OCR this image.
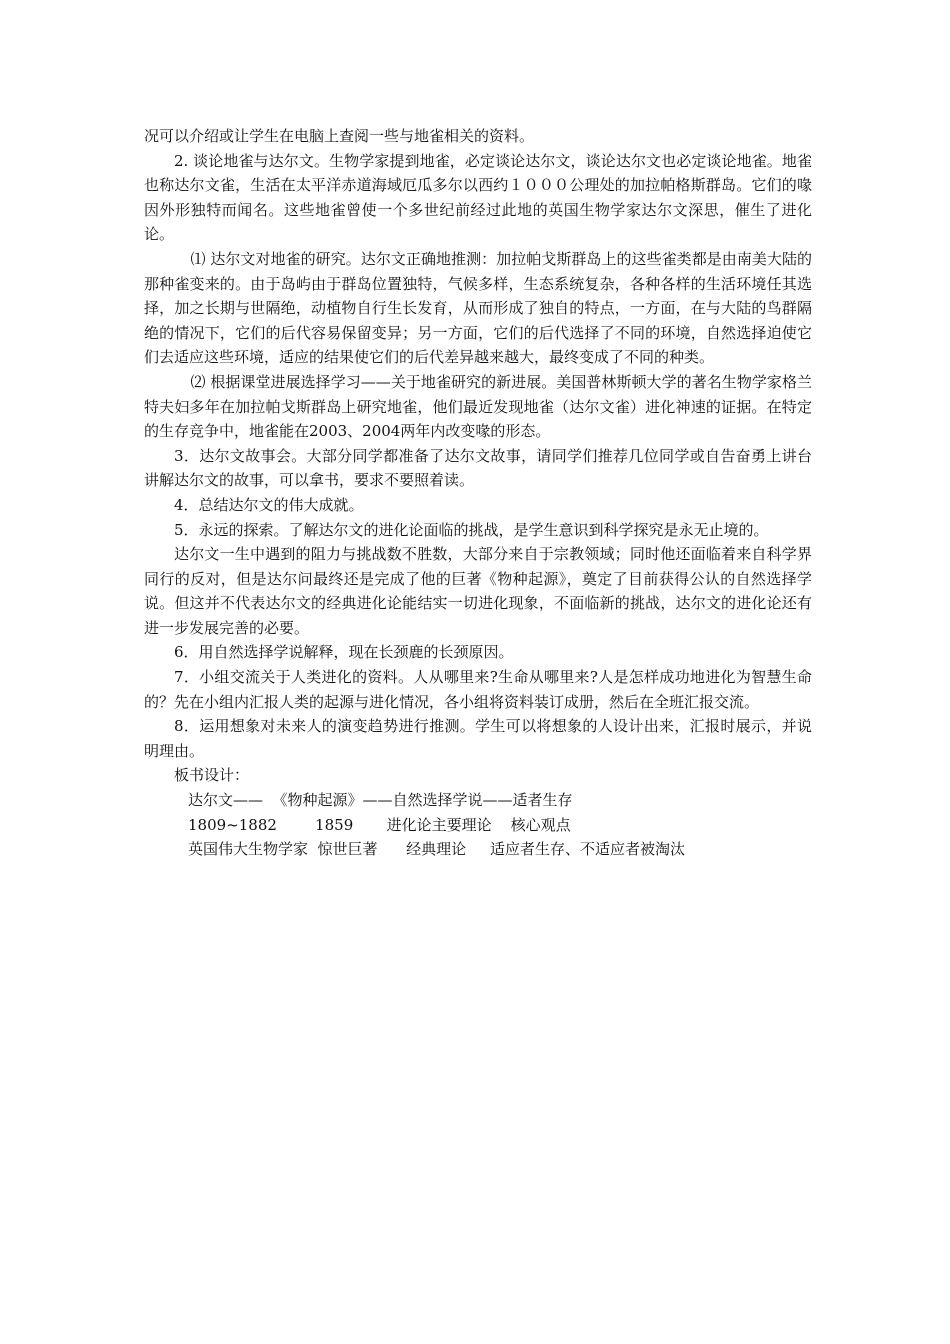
况可以介绍或让学生在电脑上查阅一些与地雀相关的资料。

2. 谈论地雀与达尔文。生物学家提到地雀，必定谈论达尔文，谈论达尔文也必定谈论地雀。地雀也称达尔文雀，生活在太平洋赤道海域厄瓜多尔以西约１０００公理处的加拉帕格斯群岛。它们的喙因外形独特而闻名。这些地雀曾使一个多世纪前经过此地的英国生物学家达尔文深思，催生了进化论。

⑴ 达尔文对地雀的研究。达尔文正确地推测：加拉帕戈斯群岛上的这些雀类都是由南美大陆的那种雀变来的。由于岛屿由于群岛位置独特，气候多样，生态系统复杂，各种各样的生活环境任其选择，加之长期与世隔绝，动植物自行生长发育，从而形成了独自的特点，一方面，在与大陆的鸟群隔绝的情况下，它们的后代容易保留变异；另一方面，它们的后代选择了不同的环境，自然选择迫使它们去适应这些环境，适应的结果使它们的后代差异越来越大，最终变成了不同的种类。

⑵ 根据课堂进展选择学习——关于地雀研究的新进展。美国普林斯顿大学的著名生物学家格兰特夫妇多年在加拉帕戈斯群岛上研究地雀，他们最近发现地雀（达尔文雀）进化神速的证据。在特定的生存竞争中，地雀能在2003、2004两年内改变喙的形态。

3．达尔文故事会。大部分同学都准备了达尔文故事，请同学们推荐几位同学或自告奋勇上讲台讲解达尔文的故事，可以拿书，要求不要照着读。

4．总结达尔文的伟大成就。

5．永远的探索。了解达尔文的进化论面临的挑战，是学生意识到科学探究是永无止境的。

达尔文一生中遇到的阻力与挑战数不胜数，大部分来自于宗教领域；同时他还面临着来自科学界同行的反对，但是达尔问最终还是完成了他的巨著《物种起源》，奠定了目前获得公认的自然选择学说。但这并不代表达尔文的经典进化论能结实一切进化现象，不面临新的挑战，达尔文的进化论还有进一步发展完善的必要。

6．用自然选择学说解释，现在长颈鹿的长颈原因。

7．小组交流关于人类进化的资料。人从哪里来?生命从哪里来?人是怎样成功地进化为智慧生命的？先在小组内汇报人类的起源与进化情况，各小组将资料装订成册，然后在全班汇报交流。

8．运用想象对未来人的演变趋势进行推测。学生可以将想象的人设计出来，汇报时展示，并说明理由。

板书设计：

达尔文——  《物种起源》——自然选择学说——适者生存

1809~1882        1859       进化论主要理论    核心观点

英国伟大生物学家  惊世巨著      经典理论     适应者生存、不适应者被淘汰
